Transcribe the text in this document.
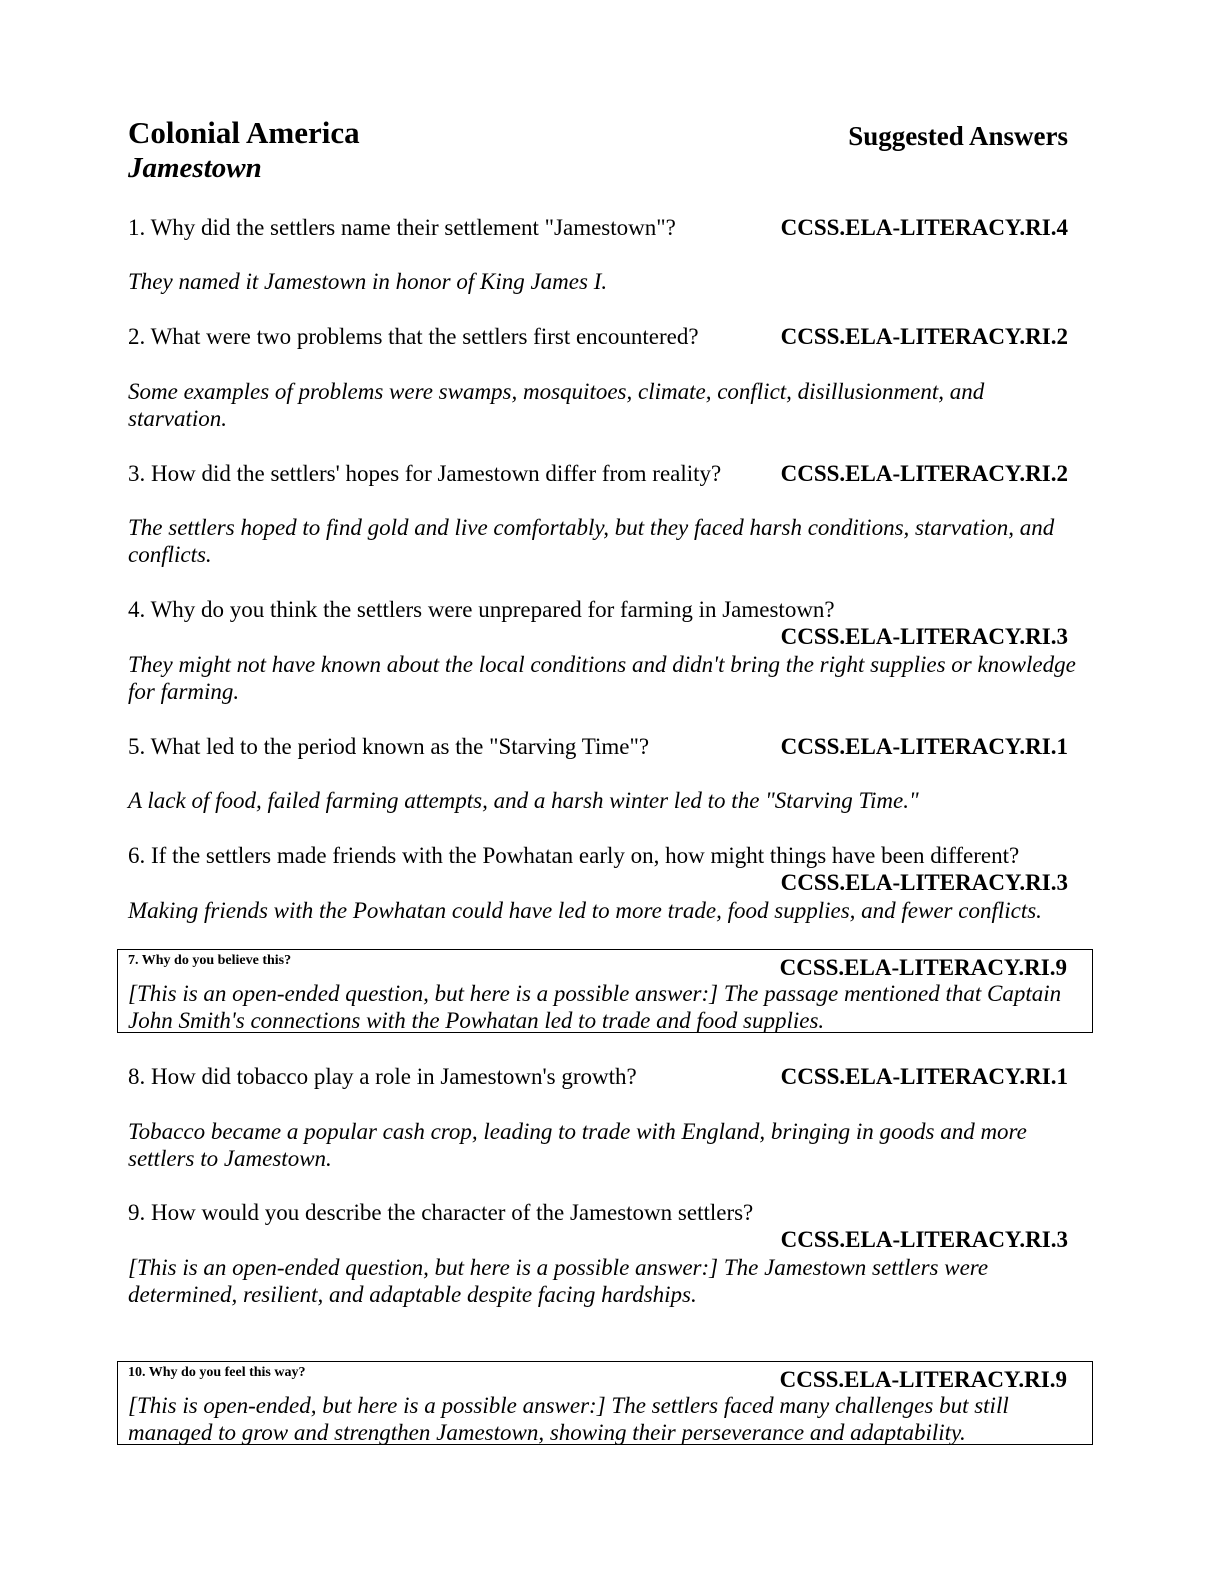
Colonial America
Jamestown
Suggested Answers
1. Why did the settlers name their settlement "Jamestown"?	CCSS.ELA-LITERACY.RI.4
They named it Jamestown in honor of King James I.
2. What were two problems that the settlers first encountered?	CCSS.ELA-LITERACY.RI.2
Some examples of problems were swamps, mosquitoes, climate, conflict, disillusionment, and starvation.
3. How did the settlers' hopes for Jamestown differ from reality?	CCSS.ELA-LITERACY.RI.2
The settlers hoped to find gold and live comfortably, but they faced harsh conditions, starvation, and conflicts.
4. Why do you think the settlers were unprepared for farming in Jamestown?
CCSS.ELA-LITERACY.RI.3
They might not have known about the local conditions and didn't bring the right supplies or knowledge for farming.
5. What led to the period known as the "Starving Time"?	CCSS.ELA-LITERACY.RI.1
A lack of food, failed farming attempts, and a harsh winter led to the "Starving Time."
6. If the settlers made friends with the Powhatan early on, how might things have been different?
CCSS.ELA-LITERACY.RI.3
Making friends with the Powhatan could have led to more trade, food supplies, and fewer conflicts.
7. Why do you believe this?	CCSS.ELA-LITERACY.RI.9
[This is an open-ended question, but here is a possible answer:] The passage mentioned that Captain John Smith's connections with the Powhatan led to trade and food supplies.
8. How did tobacco play a role in Jamestown's growth?	CCSS.ELA-LITERACY.RI.1
Tobacco became a popular cash crop, leading to trade with England, bringing in goods and more settlers to Jamestown.
9. How would you describe the character of the Jamestown settlers?
CCSS.ELA-LITERACY.RI.3
[This is an open-ended question, but here is a possible answer:] The Jamestown settlers were determined, resilient, and adaptable despite facing hardships.
10. Why do you feel this way?	CCSS.ELA-LITERACY.RI.9
[This is open-ended, but here is a possible answer:] The settlers faced many challenges but still managed to grow and strengthen Jamestown, showing their perseverance and adaptability.
